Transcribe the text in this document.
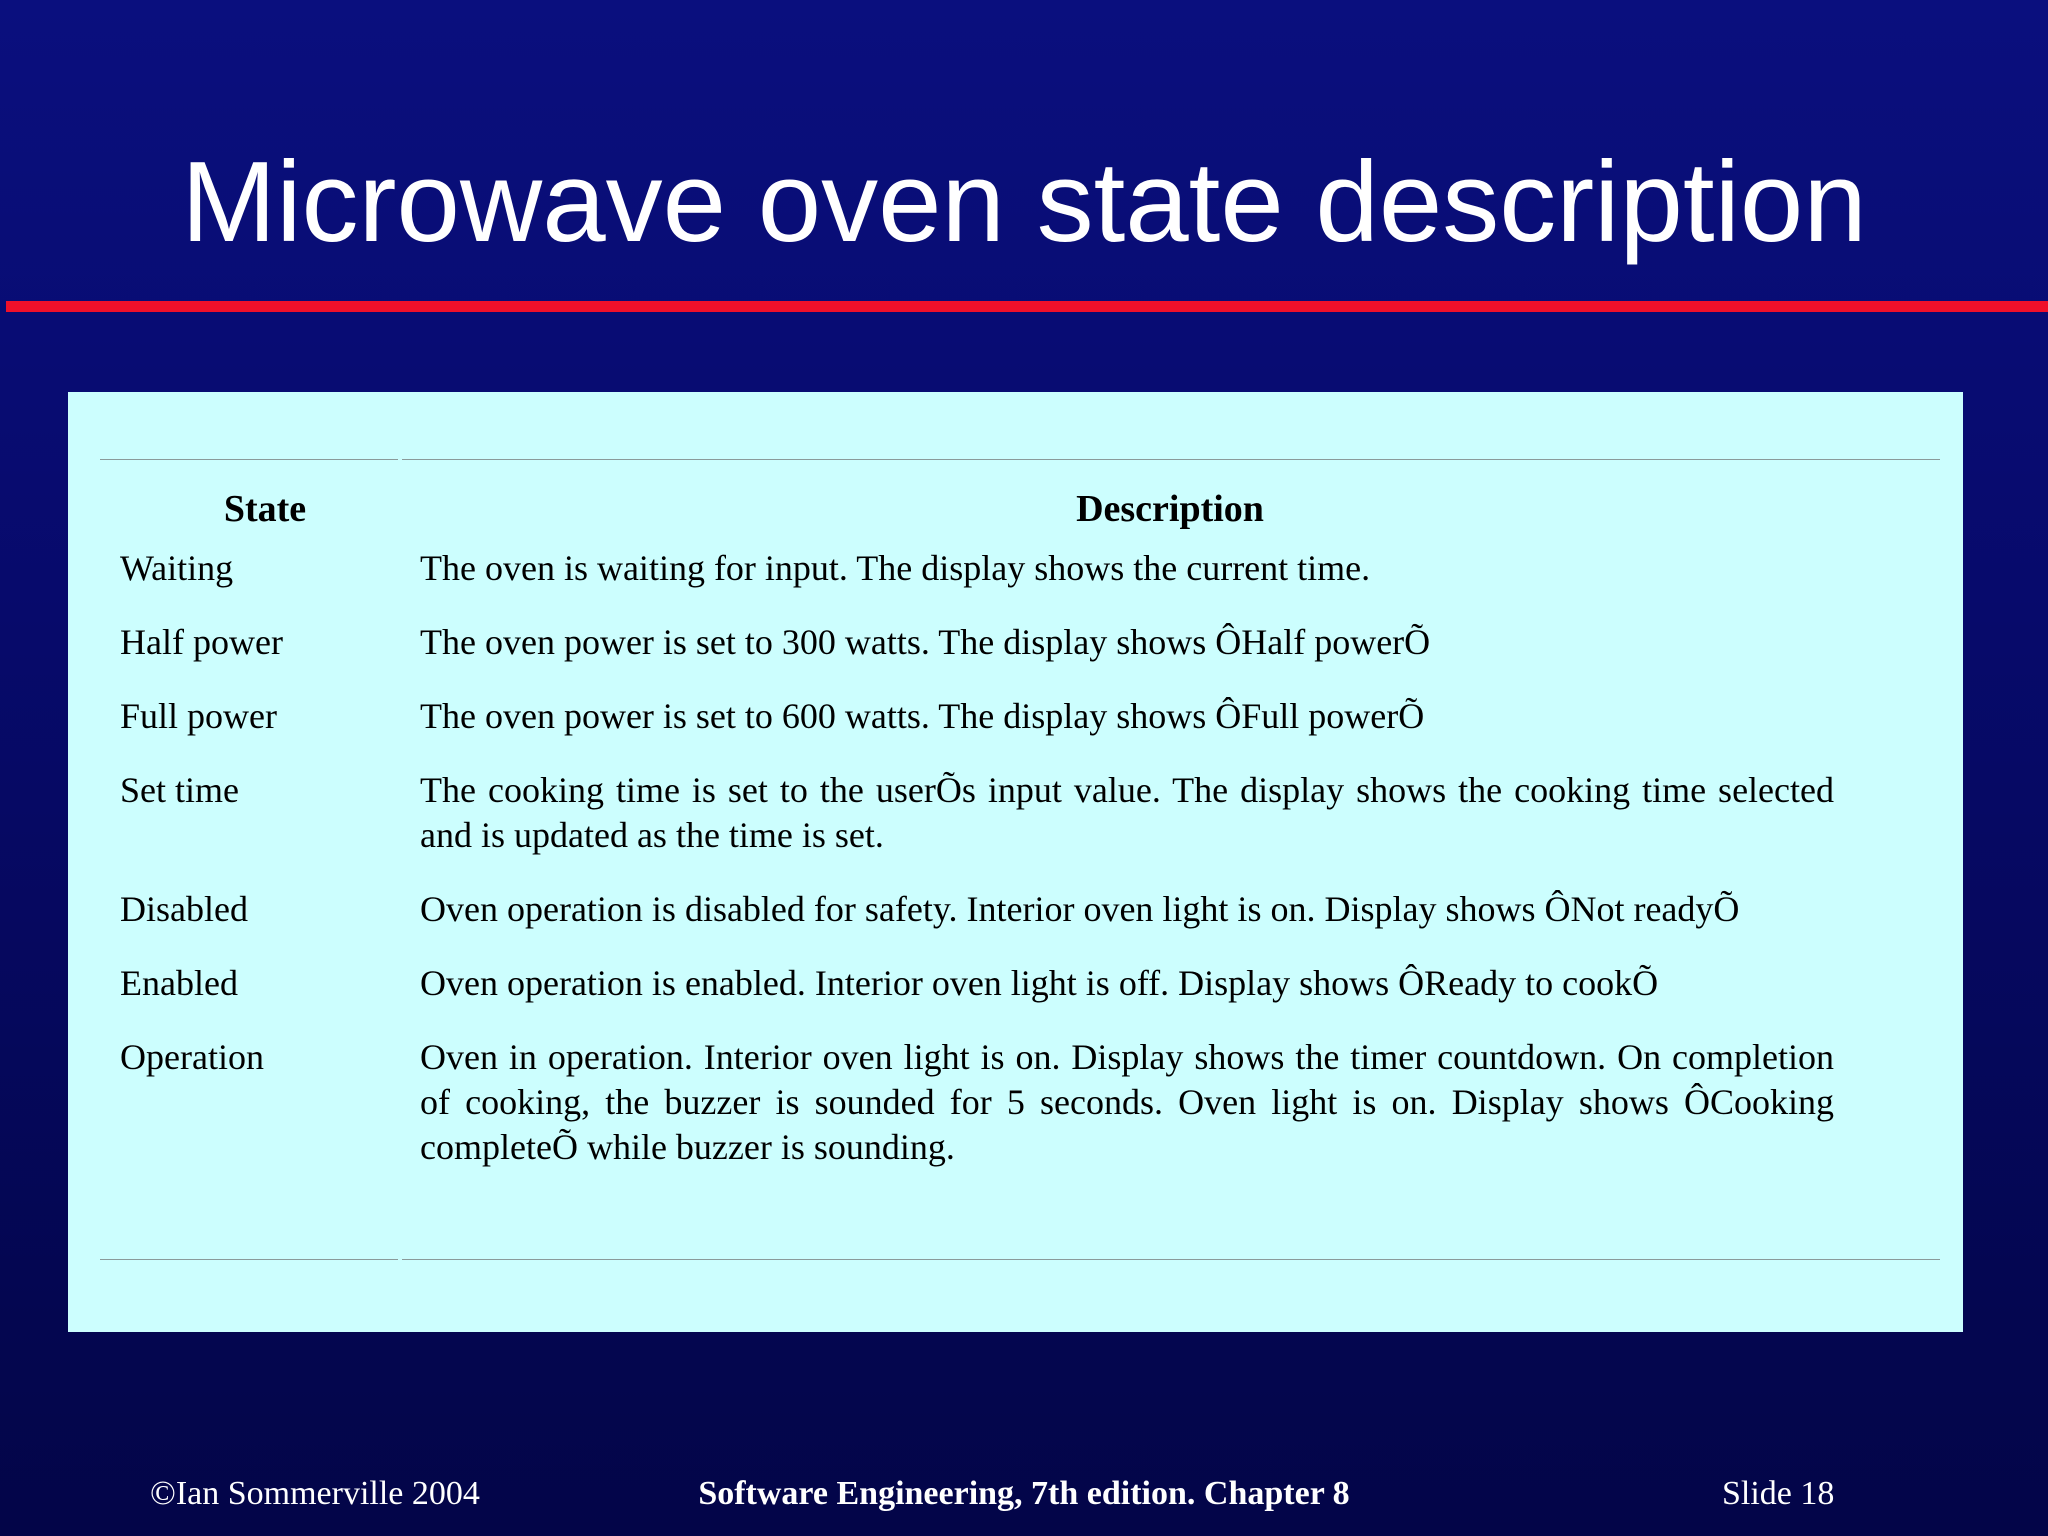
Microwave oven state description
State	Description
Waiting	The oven is waiting for input. The display shows the current time.
Half power	The oven power is set to 300 watts. The display shows ÔHalf powerÕ
Full power	The oven power is set to 600 watts. The display shows ÔFull powerÕ
Set time	The cooking time is set to the userÕs input value. The display shows the cooking time selected and is updated as the time is set.
Disabled	Oven operation is disabled for safety. Interior oven light is on. Display shows ÔNot readyÕ
Enabled	Oven operation is enabled. Interior oven light is off. Display shows ÔReady to cookÕ
Operation	Oven in operation. Interior oven light is on. Display shows the timer countdown. On completion of cooking, the buzzer is sounded for 5 seconds. Oven light is on. Display shows ÔCooking completeÕ while buzzer is sounding.
©Ian Sommerville 2004	Software Engineering, 7th edition. Chapter 8	Slide 18
